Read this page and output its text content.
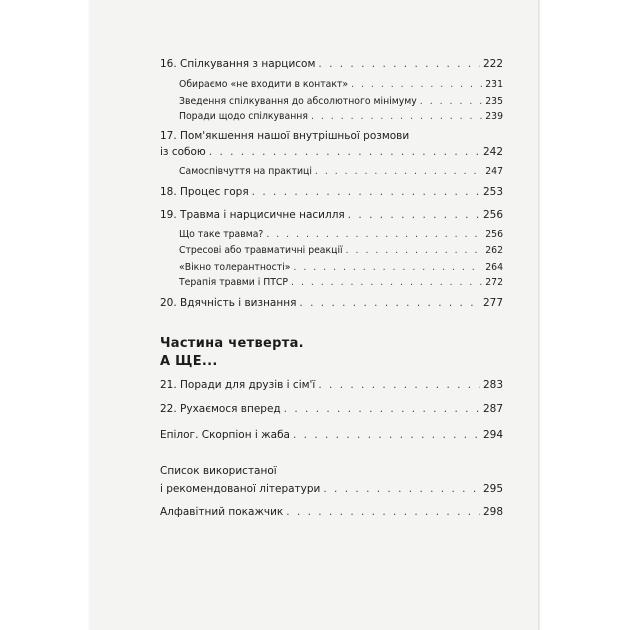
16. Спілкування з нарцисом . . .	222
Обираємо «не входити в контакт» . . .	231
Зведення спілкування до абсолютного мінімуму . . .	235
Поради щодо спілкування . . .	239
17. Пом'якшення нашої внутрішньої розмови
із собою . . .	242
Самоспівчуття на практиці . . .	247
18. Процес горя . . .	253
19. Травма і нарцисичне насилля . . .	256
Що таке травма? . . .	256
Стресові або травматичні реакції . . .	262
«Вікно толерантності» . . .	264
Терапія травми і ПТСР . . .	272
20. Вдячність і визнання . . .	277
Частина четверта.
А ЩЕ...
21. Поради для друзів і сім'ї . . .	283
22. Рухаємося вперед . . .	287
Епілог. Скорпіон і жаба . . .	294
Список використаної
і рекомендованої літератури . . .	295
Алфавітний покажчик . . .	298
